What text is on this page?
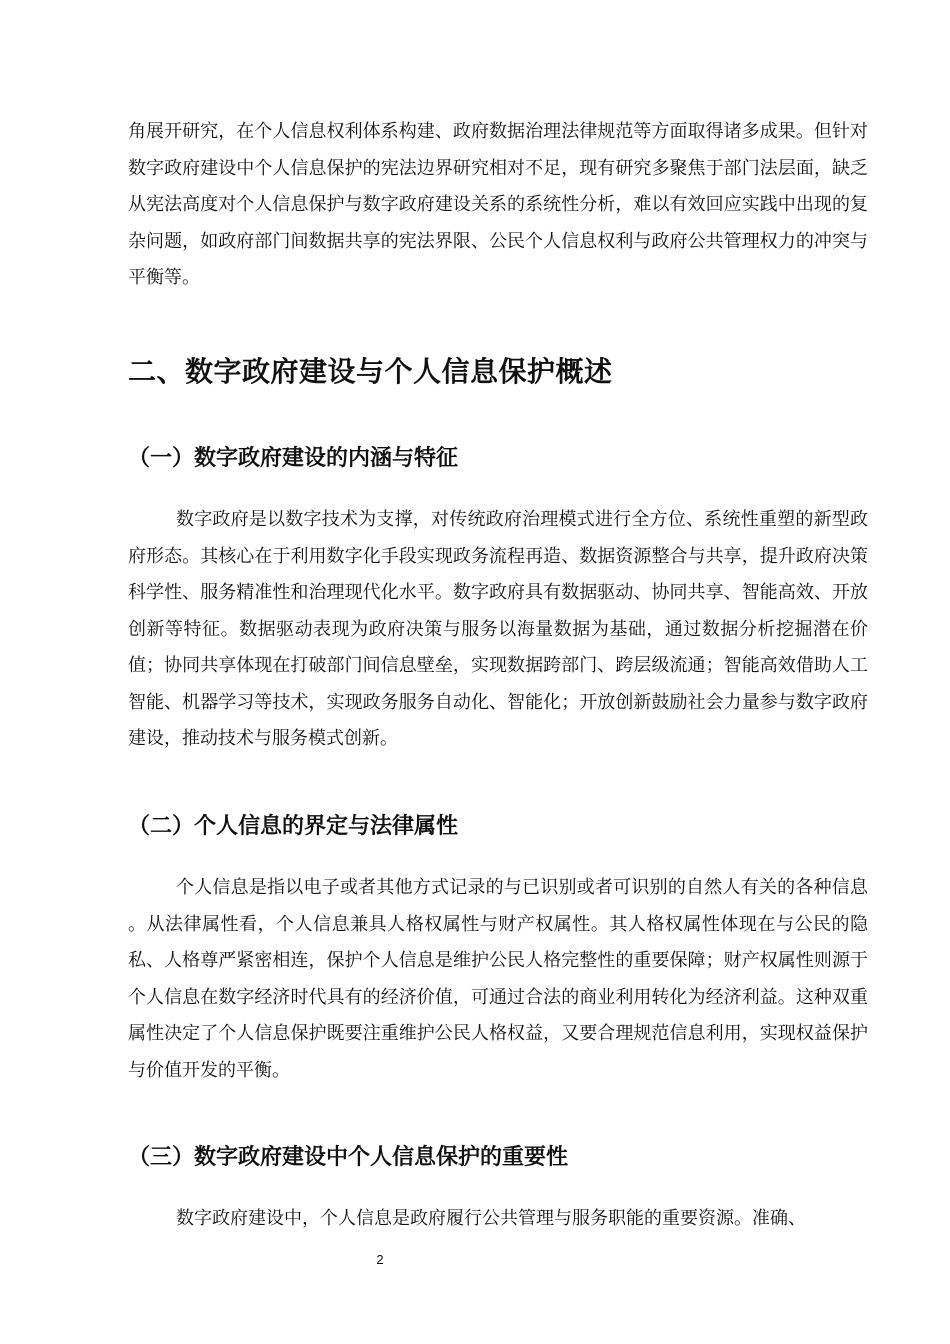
角展开研究，在个人信息权利体系构建、政府数据治理法律规范等方面取得诸多成果。但针对数字政府建设中个人信息保护的宪法边界研究相对不足，现有研究多聚焦于部门法层面，缺乏从宪法高度对个人信息保护与数字政府建设关系的系统性分析，难以有效回应实践中出现的复杂问题，如政府部门间数据共享的宪法界限、公民个人信息权利与政府公共管理权力的冲突与平衡等。

二、数字政府建设与个人信息保护概述
（一）数字政府建设的内涵与特征

数字政府是以数字技术为支撑，对传统政府治理模式进行全方位、系统性重塑的新型政府形态。其核心在于利用数字化手段实现政务流程再造、数据资源整合与共享，提升政府决策科学性、服务精准性和治理现代化水平。数字政府具有数据驱动、协同共享、智能高效、开放创新等特征。数据驱动表现为政府决策与服务以海量数据为基础，通过数据分析挖掘潜在价值；协同共享体现在打破部门间信息壁垒，实现数据跨部门、跨层级流通；智能高效借助人工智能、机器学习等技术，实现政务服务自动化、智能化；开放创新鼓励社会力量参与数字政府建设，推动技术与服务模式创新。

（二）个人信息的界定与法律属性

个人信息是指以电子或者其他方式记录的与已识别或者可识别的自然人有关的各种信息 。从法律属性看，个人信息兼具人格权属性与财产权属性。其人格权属性体现在与公民的隐私、人格尊严紧密相连，保护个人信息是维护公民人格完整性的重要保障；财产权属性则源于个人信息在数字经济时代具有的经济价值，可通过合法的商业利用转化为经济利益。这种双重属性决定了个人信息保护既要注重维护公民人格权益，又要合理规范信息利用，实现权益保护与价值开发的平衡。

（三）数字政府建设中个人信息保护的重要性

数字政府建设中，个人信息是政府履行公共管理与服务职能的重要资源。准确、

2
